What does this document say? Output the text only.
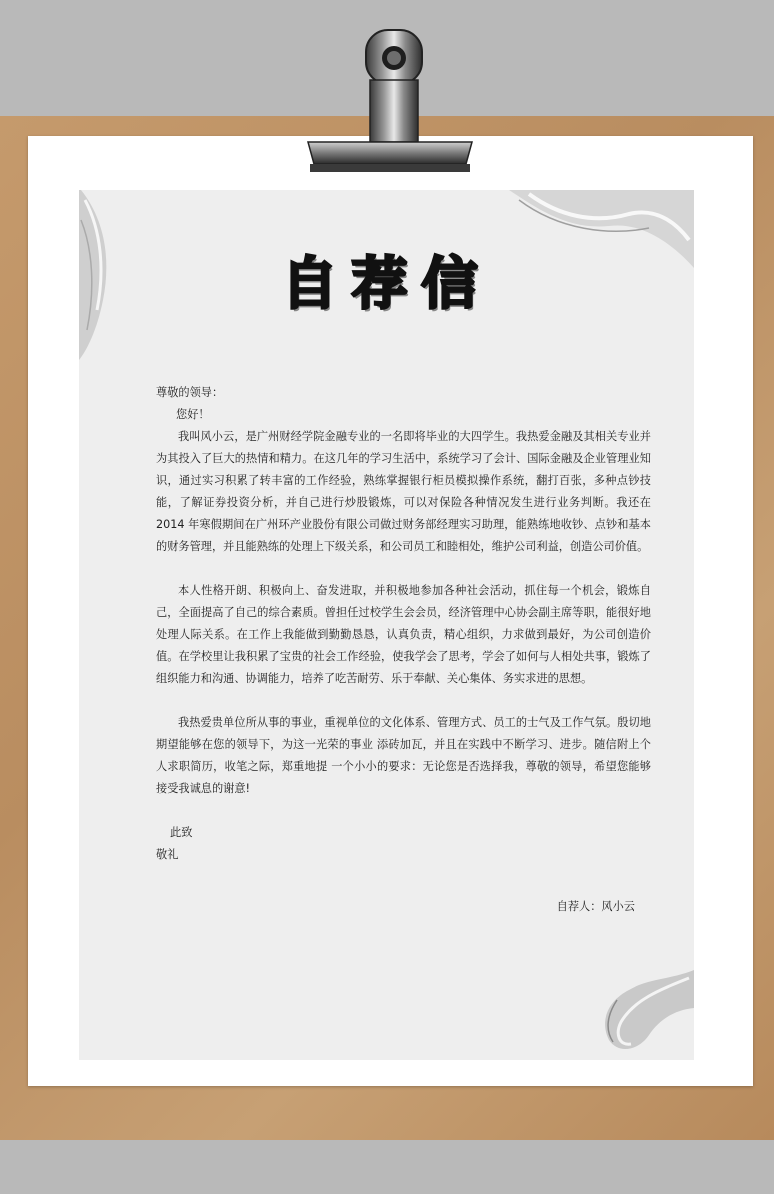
自荐信

尊敬的领导：

您好！

我叫风小云，是广州财经学院金融专业的一名即将毕业的大四学生。我热爱金融及其相关专业并为其投入了巨大的热情和精力。在这几年的学习生活中，系统学习了会计、国际金融及企业管理业知识，通过实习积累了转丰富的工作经验，熟练掌握银行柜员模拟操作系统，翻打百张，多种点钞技能，了解证券投资分析，并自己进行炒股锻炼，可以对保险各种情况发生进行业务判断。我还在 2014 年寒假期间在广州环产业股份有限公司做过财务部经理实习助理，能熟练地收钞、点钞和基本的财务管理，并且能熟练的处理上下级关系，和公司员工和睦相处，维护公司利益，创造公司价值。

本人性格开朗、积极向上、奋发进取，并积极地参加各种社会活动，抓住每一个机会，锻炼自己，全面提高了自己的综合素质。曾担任过校学生会会员，经济管理中心协会副主席等职，能很好地处理人际关系。在工作上我能做到勤勤恳恳，认真负责，精心组织，力求做到最好，为公司创造价值。在学校里让我积累了宝贵的社会工作经验，使我学会了思考，学会了如何与人相处共事，锻炼了组织能力和沟通、协调能力，培养了吃苦耐劳、乐于奉献、关心集体、务实求进的思想。

我热爱贵单位所从事的事业，重视单位的文化体系、管理方式、员工的士气及工作气氛。殷切地期望能够在您的领导下，为这一光荣的事业 添砖加瓦，并且在实践中不断学习、进步。随信附上个人求职简历，收笔之际，郑重地提 一个小小的要求：无论您是否选择我，尊敬的领导，希望您能够接受我诚息的谢意!

此致

敬礼

自荐人：风小云
